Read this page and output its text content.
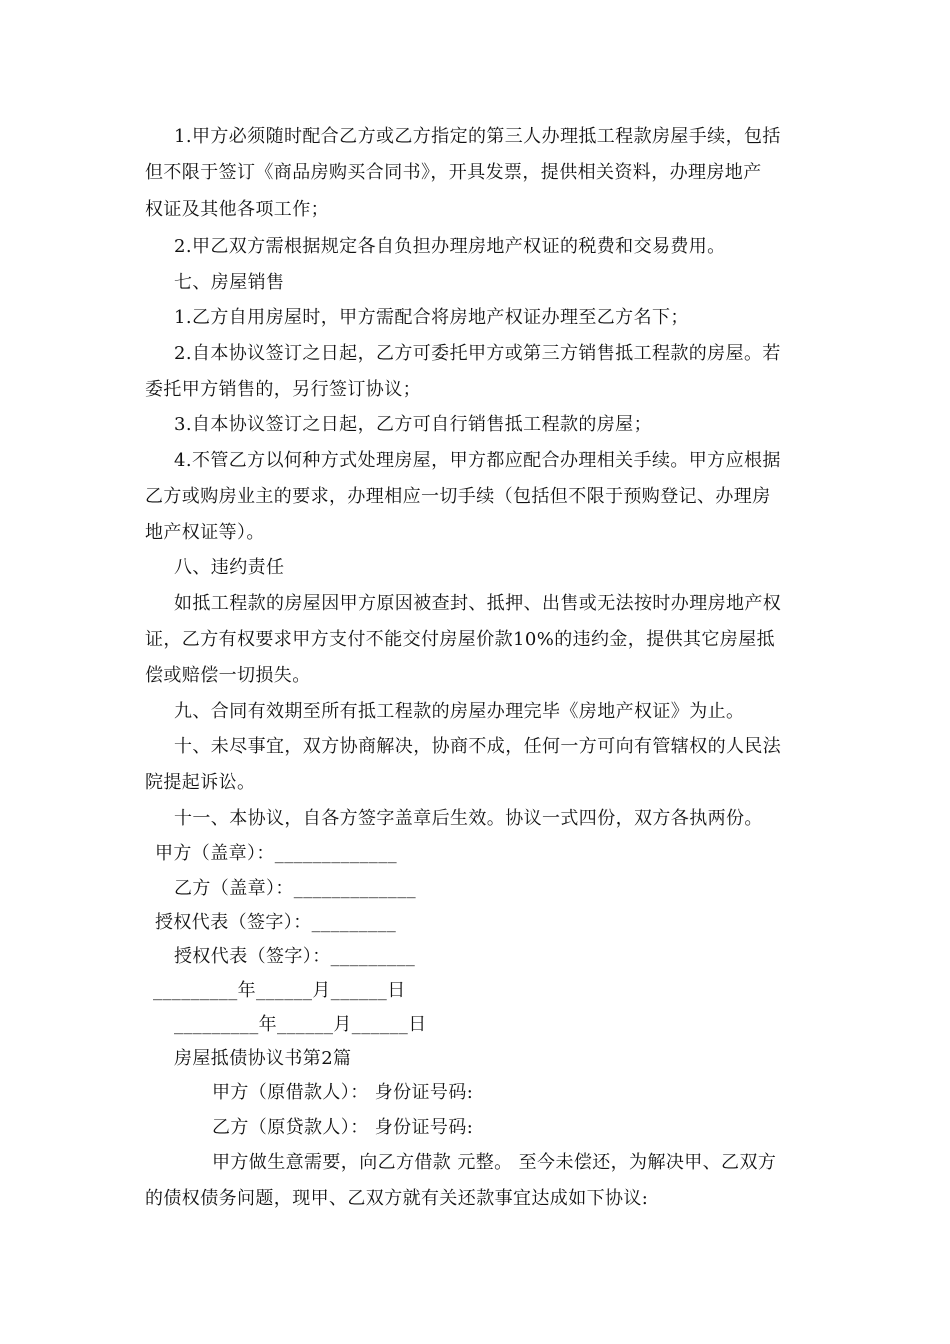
1.甲方必须随时配合乙方或乙方指定的第三人办理抵工程款房屋手续，包括
但不限于签订《商品房购买合同书》，开具发票，提供相关资料，办理房地产
权证及其他各项工作；
2.甲乙双方需根据规定各自负担办理房地产权证的税费和交易费用。
七、房屋销售
1.乙方自用房屋时，甲方需配合将房地产权证办理至乙方名下；
2.自本协议签订之日起，乙方可委托甲方或第三方销售抵工程款的房屋。若
委托甲方销售的，另行签订协议；
3.自本协议签订之日起，乙方可自行销售抵工程款的房屋；
4.不管乙方以何种方式处理房屋，甲方都应配合办理相关手续。甲方应根据
乙方或购房业主的要求，办理相应一切手续（包括但不限于预购登记、办理房
地产权证等）。
八、违约责任
如抵工程款的房屋因甲方原因被查封、抵押、出售或无法按时办理房地产权
证，乙方有权要求甲方支付不能交付房屋价款10%的违约金，提供其它房屋抵
偿或赔偿一切损失。
九、合同有效期至所有抵工程款的房屋办理完毕《房地产权证》为止。
十、未尽事宜，双方协商解决，协商不成，任何一方可向有管辖权的人民法
院提起诉讼。
十一、本协议，自各方签字盖章后生效。协议一式四份，双方各执两份。
甲方（盖章）：_____________
乙方（盖章）：_____________
授权代表（签字）：_________
授权代表（签字）：_________
_________年______月______日
_________年______月______日
房屋抵债协议书第2篇
甲方（原借款人）： 身份证号码:
乙方（原贷款人）： 身份证号码:
甲方做生意需要，向乙方借款 元整。 至今未偿还，为解决甲、乙双方
的债权债务问题，现甲、乙双方就有关还款事宜达成如下协议:
